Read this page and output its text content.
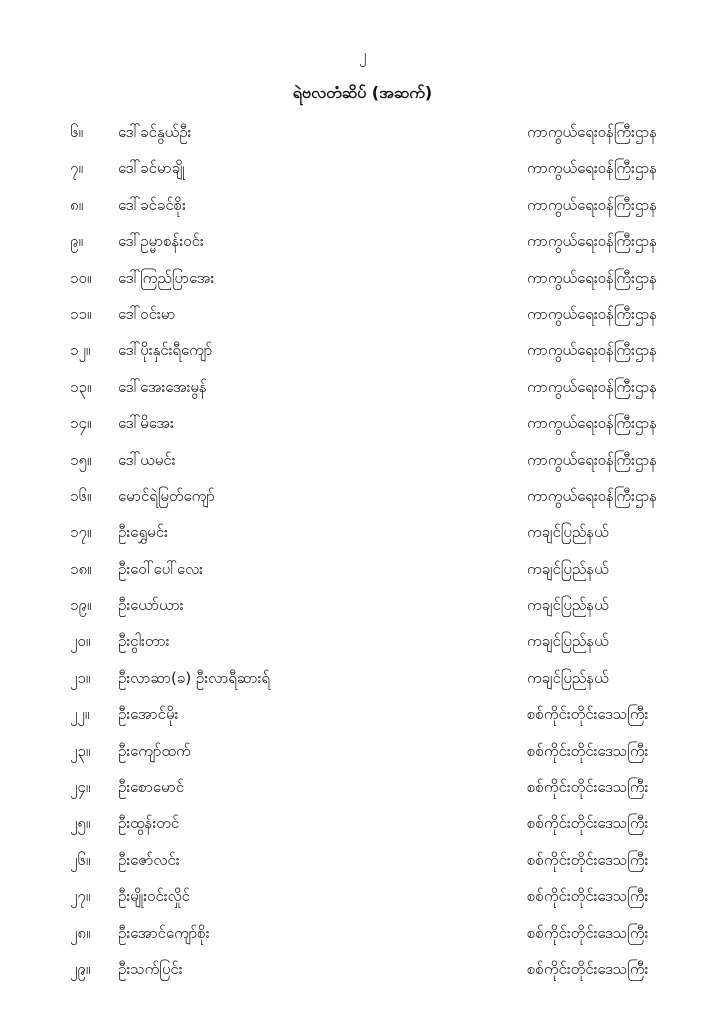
၂
ရဲဗလတံဆိပ် (အဆက်)
၆။	ဒေါ်ခင်နွယ်ဦး	ကာကွယ်ရေးဝန်ကြီးဌာန
၇။	ဒေါ်ခင်မာချို	ကာကွယ်ရေးဝန်ကြီးဌာန
၈။	ဒေါ်ခင်ခင်စိုး	ကာကွယ်ရေးဝန်ကြီးဌာန
၉။	ဒေါ်ဥမ္မာစန်းဝင်း	ကာကွယ်ရေးဝန်ကြီးဌာန
၁၀။	ဒေါ်ကြည်ပြာအေး	ကာကွယ်ရေးဝန်ကြီးဌာန
၁၁။	ဒေါ်ဝင်းမာ	ကာကွယ်ရေးဝန်ကြီးဌာန
၁၂။	ဒေါ်ပိုးနှင်းရီကျော်	ကာကွယ်ရေးဝန်ကြီးဌာန
၁၃။	ဒေါ်အေးအေးမွန်	ကာကွယ်ရေးဝန်ကြီးဌာန
၁၄။	ဒေါ်မိအေး	ကာကွယ်ရေးဝန်ကြီးဌာန
၁၅။	ဒေါ်ယမင်း	ကာကွယ်ရေးဝန်ကြီးဌာန
၁၆။	မောင်ရဲမြတ်ကျော်	ကာကွယ်ရေးဝန်ကြီးဌာန
၁၇။	ဦးရွှေမင်း	ကချင်ပြည်နယ်
၁၈။	ဦးဝေါ်ပေါ်လေး	ကချင်ပြည်နယ်
၁၉။	ဦးယော်ယား	ကချင်ပြည်နယ်
၂၀။	ဦးငွါးတား	ကချင်ပြည်နယ်
၂၁။	ဦးလာဆာ(ခ) ဦးလာရီဆားရ်	ကချင်ပြည်နယ်
၂၂။	ဦးအောင်မိုး	စစ်ကိုင်းတိုင်းဒေသကြီး
၂၃။	ဦးကျော်ထက်	စစ်ကိုင်းတိုင်းဒေသကြီး
၂၄။	ဦးစောမောင်	စစ်ကိုင်းတိုင်းဒေသကြီး
၂၅။	ဦးထွန်းတင်	စစ်ကိုင်းတိုင်းဒေသကြီး
၂၆။	ဦးဇော်လင်း	စစ်ကိုင်းတိုင်းဒေသကြီး
၂၇။	ဦးမျိုးဝင်းလှိုင်	စစ်ကိုင်းတိုင်းဒေသကြီး
၂၈။	ဦးအောင်ကျော်စိုး	စစ်ကိုင်းတိုင်းဒေသကြီး
၂၉။	ဦးသက်ပြင်း	စစ်ကိုင်းတိုင်းဒေသကြီး
